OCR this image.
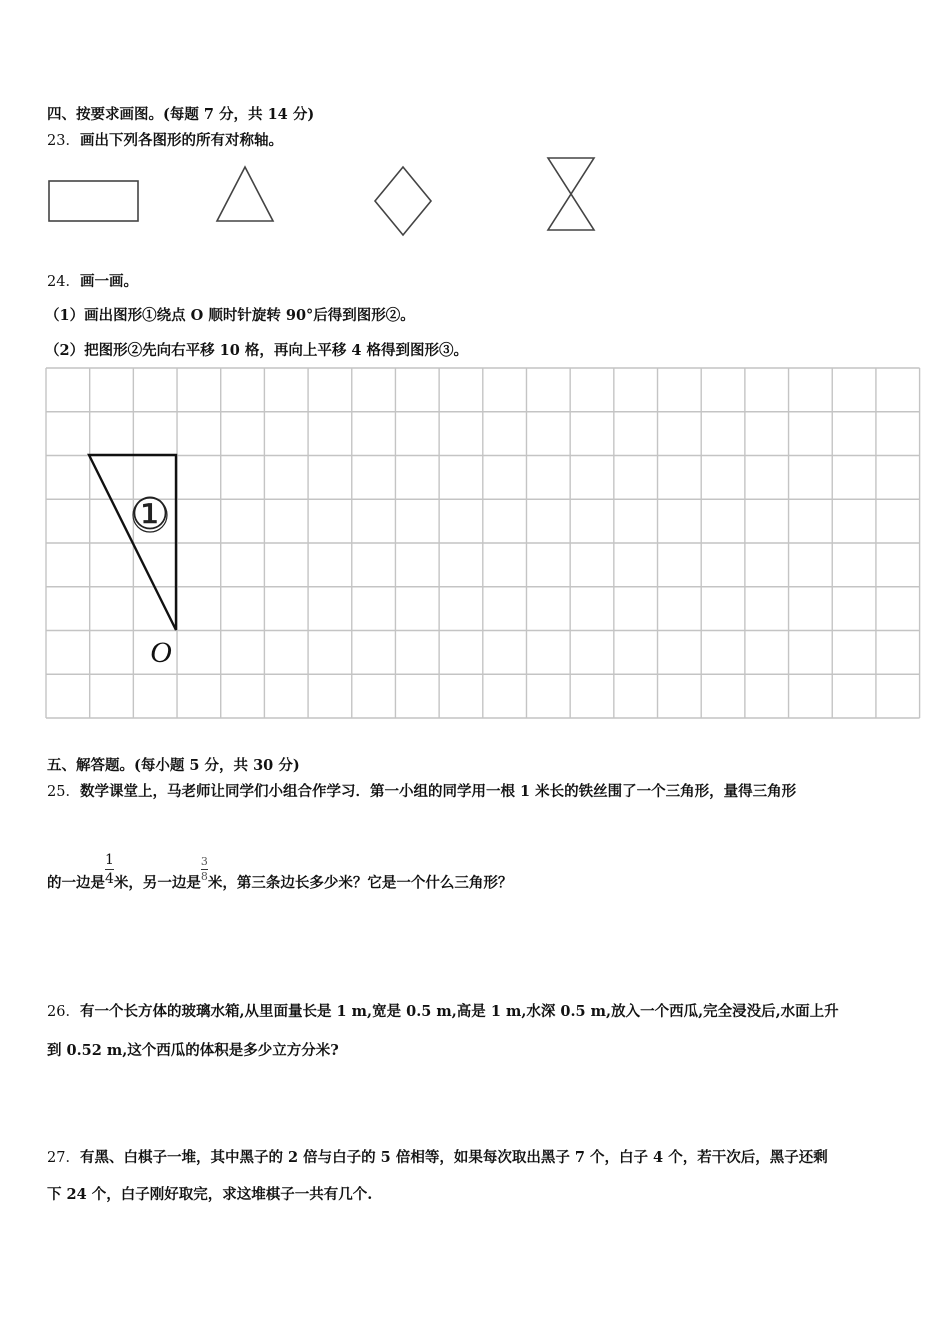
四、按要求画图。(每题 7 分，共 14 分)
23．画出下列各图形的所有对称轴。
24．画一画。
（1）画出图形①绕点 O 顺时针旋转 90°后得到图形②。
（2）把图形②先向右平移 10 格，再向上平移 4 格得到图形③。
①
O
五、解答题。(每小题 5 分，共 30 分)
25．数学课堂上，马老师让同学们小组合作学习．第一小组的同学用一根 1 米长的铁丝围了一个三角形，量得三角形
的一边是 $\frac{1}{4}$ 米，另一边是 $\frac{3}{8}$ 米，第三条边长多少米？它是一个什么三角形？
26．有一个长方体的玻璃水箱,从里面量长是 1 m,宽是 0.5 m,高是 1 m,水深 0.5 m,放入一个西瓜,完全浸没后,水面上升
到 0.52 m,这个西瓜的体积是多少立方分米?
27．有黑、白棋子一堆，其中黑子的 2 倍与白子的 5 倍相等，如果每次取出黑子 7 个，白子 4 个，若干次后，黑子还剩
下 24 个，白子刚好取完，求这堆棋子一共有几个.
